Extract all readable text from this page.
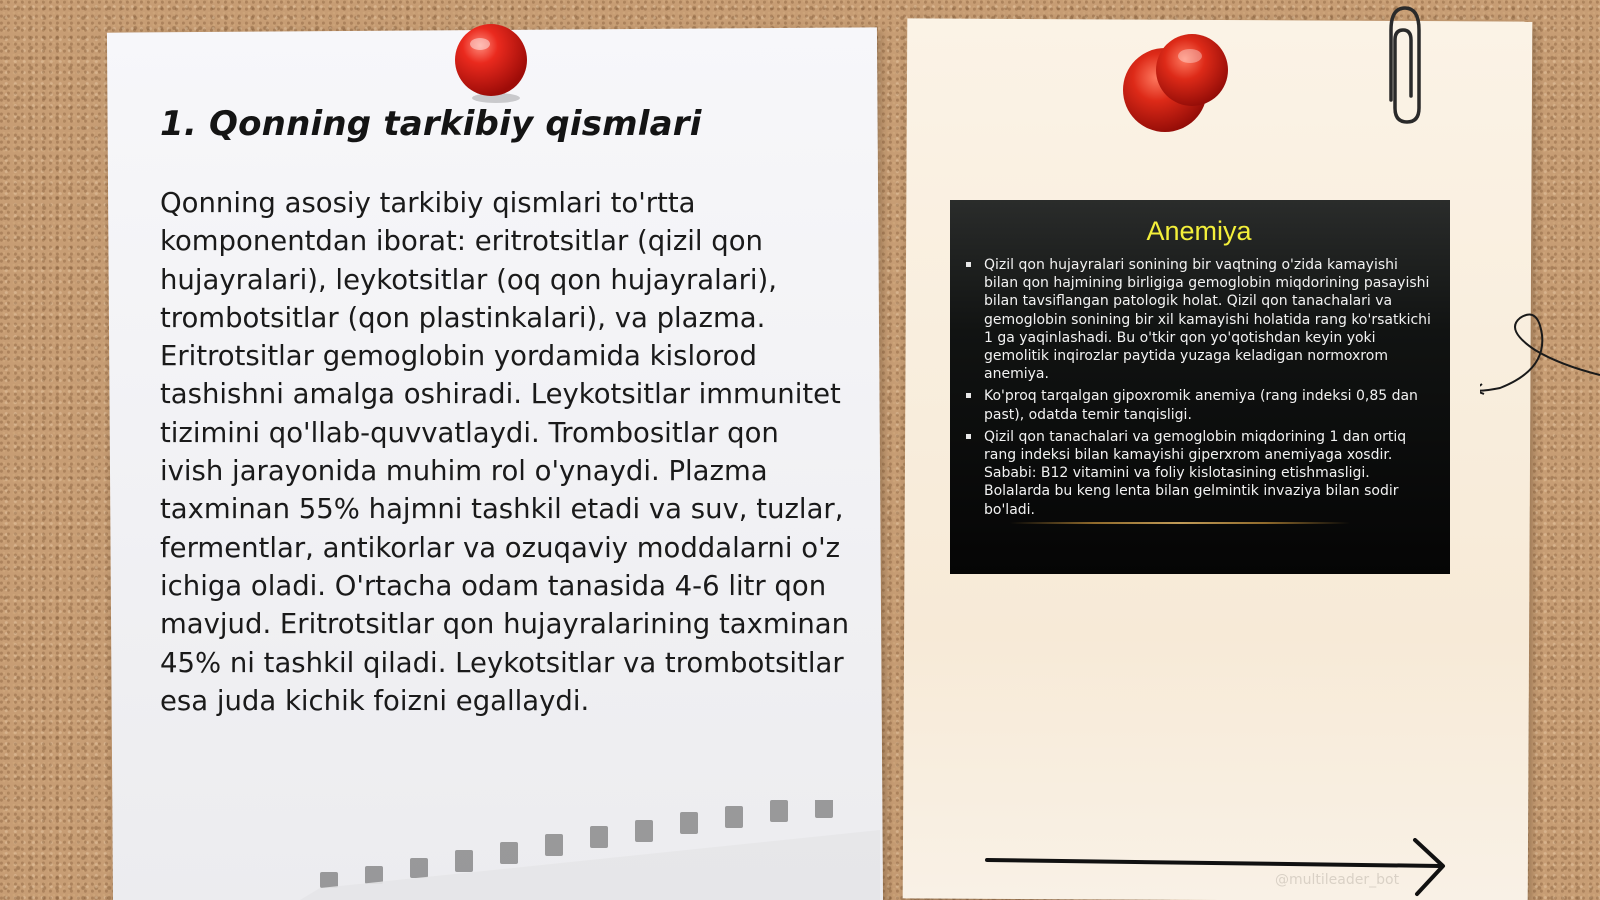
1. Qonning tarkibiy qismlari

Qonning asosiy tarkibiy qismlari to'rtta komponentdan iborat: eritrotsitlar (qizil qon hujayralari), leykotsitlar (oq qon hujayralari), trombotsitlar (qon plastinkalari), va plazma. Eritrotsitlar gemoglobin yordamida kislorod tashishni amalga oshiradi. Leykotsitlar immunitet tizimini qo'llab-quvvatlaydi. Trombositlar qon ivish jarayonida muhim rol o'ynaydi. Plazma taxminan 55% hajmni tashkil etadi va suv, tuzlar, fermentlar, antikorlar va ozuqaviy moddalarni o'z ichiga oladi. O'rtacha odam tanasida 4-6 litr qon mavjud. Eritrotsitlar qon hujayralarining taxminan 45% ni tashkil qiladi. Leykotsitlar va trombotsitlar esa juda kichik foizni egallaydi.

Anemiya
Qizil qon hujayralari sonining bir vaqtning o'zida kamayishi bilan qon hajmining birligiga gemoglobin miqdorining pasayishi bilan tavsiflangan patologik holat. Qizil qon tanachalari va gemoglobin sonining bir xil kamayishi holatida rang ko'rsatkichi 1 ga yaqinlashadi. Bu o'tkir qon yo'qotishdan keyin yoki gemolitik inqirozlar paytida yuzaga keladigan normoxrom anemiya.
Ko'proq tarqalgan gipoxromik anemiya (rang indeksi 0,85 dan past), odatda temir tanqisligi.
Qizil qon tanachalari va gemoglobin miqdorining 1 dan ortiq rang indeksi bilan kamayishi giperxrom anemiyaga xosdir. Sababi: B12 vitamini va foliy kislotasining etishmasligi. Bolalarda bu keng lenta bilan gelmintik invaziya bilan sodir bo'ladi.
@multileader_bot
